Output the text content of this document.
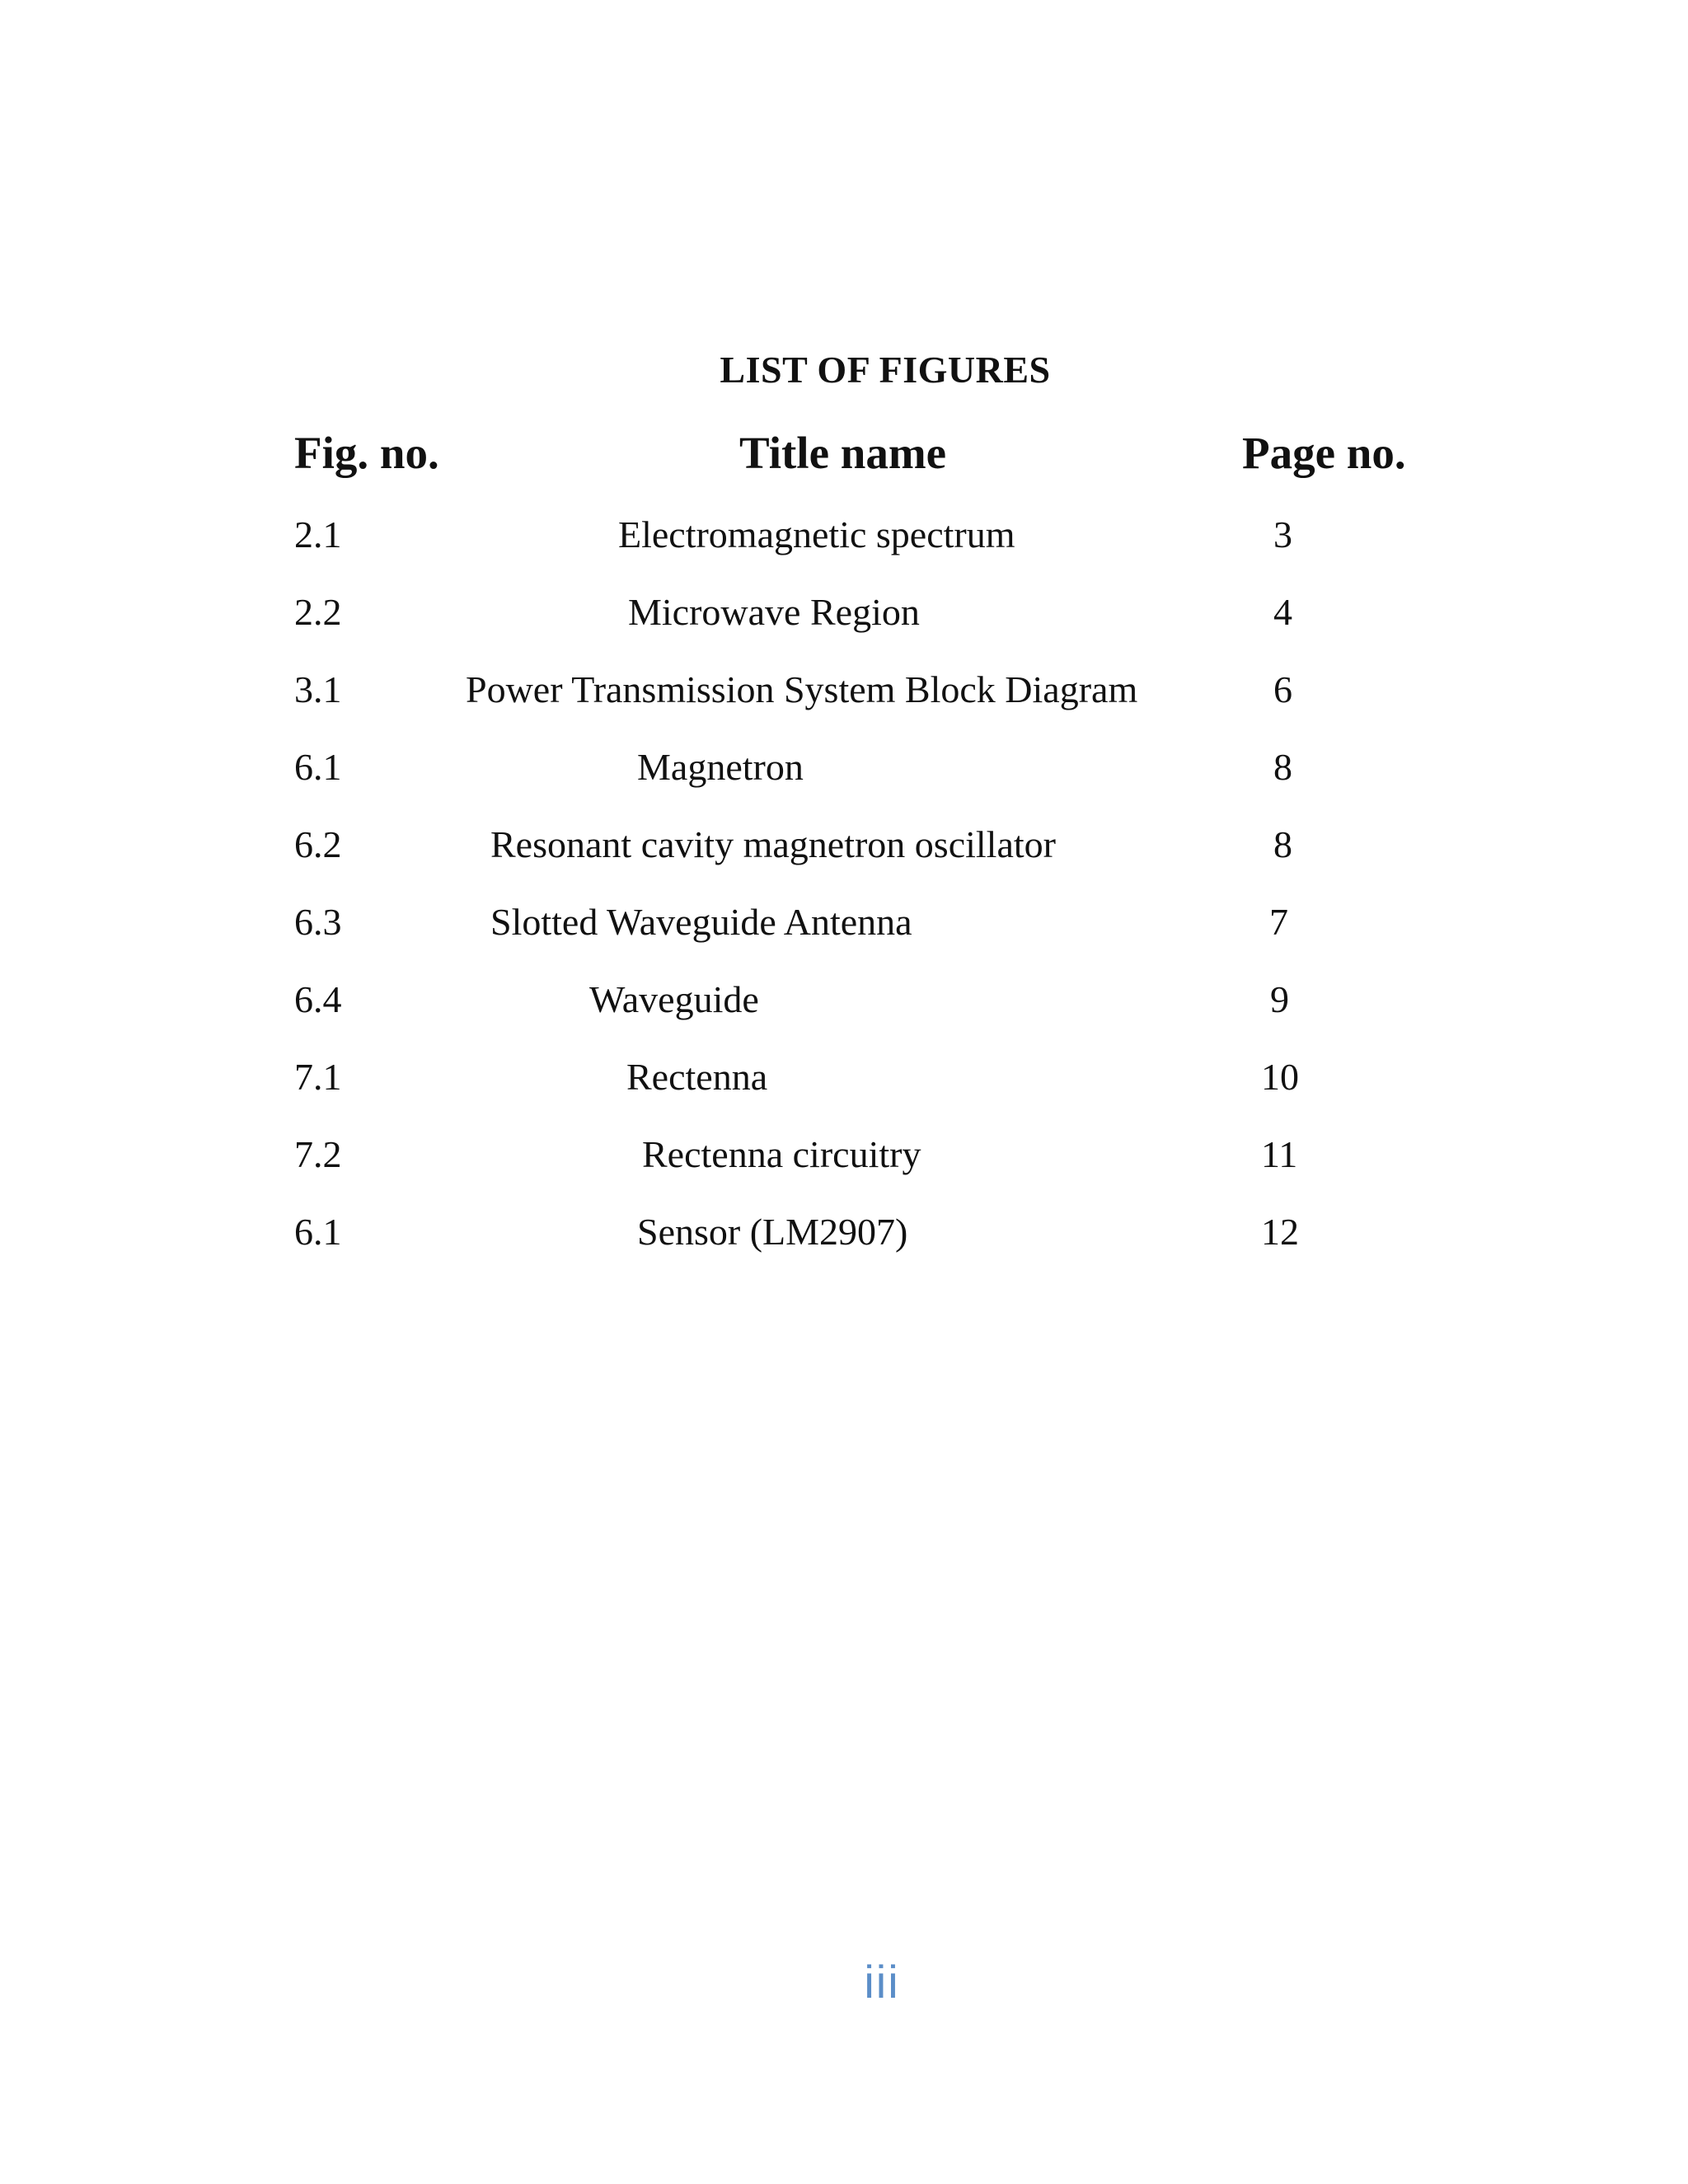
LIST OF FIGURES
Fig. no.	Title name	Page no.
2.1	Electromagnetic spectrum	3
2.2	Microwave Region	4
3.1	Power Transmission System Block Diagram	6
6.1	Magnetron	8
6.2	Resonant cavity magnetron oscillator	8
6.3	Slotted Waveguide Antenna	7
6.4	Waveguide	9
7.1	Rectenna	10
7.2	Rectenna circuitry	11
6.1	Sensor (LM2907)	12
iii
